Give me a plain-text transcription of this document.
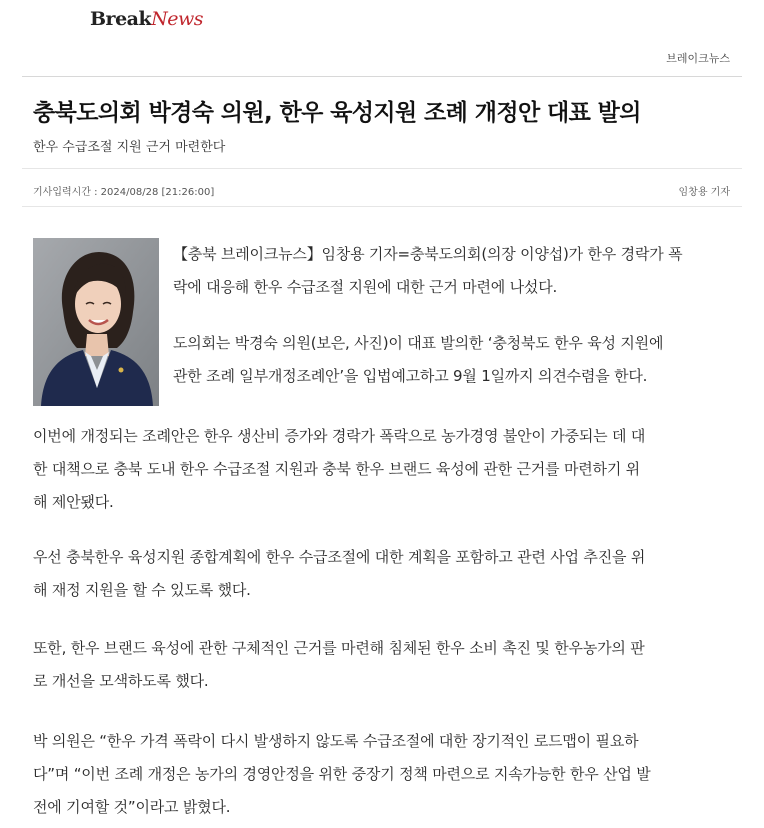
BreakNews
브레이크뉴스
충북도의회 박경숙 의원, 한우 육성지원 조례 개정안 대표 발의
한우 수급조절 지원 근거 마련한다
기사입력시간 : 2024/08/28 [21:26:00]	임창용 기자
【충북 브레이크뉴스】임창용 기자=충북도의회(의장 이양섭)가 한우 경락가 폭
락에 대응해 한우 수급조절 지원에 대한 근거 마련에 나섰다.
도의회는 박경숙 의원(보은, 사진)이 대표 발의한 ‘충청북도 한우 육성 지원에
관한 조례 일부개정조례안’을 입법예고하고 9월 1일까지 의견수렴을 한다.
이번에 개정되는 조례안은 한우 생산비 증가와 경락가 폭락으로 농가경영 불안이 가중되는 데 대
한 대책으로 충북 도내 한우 수급조절 지원과 충북 한우 브랜드 육성에 관한 근거를 마련하기 위
해 제안됐다.
우선 충북한우 육성지원 종합계획에 한우 수급조절에 대한 계획을 포함하고 관련 사업 추진을 위
해 재정 지원을 할 수 있도록 했다.
또한, 한우 브랜드 육성에 관한 구체적인 근거를 마련해 침체된 한우 소비 촉진 및 한우농가의 판
로 개선을 모색하도록 했다.
박 의원은 “한우 가격 폭락이 다시 발생하지 않도록 수급조절에 대한 장기적인 로드맵이 필요하
다”며 “이번 조례 개정은 농가의 경영안정을 위한 중장기 정책 마련으로 지속가능한 한우 산업 발
전에 기여할 것”이라고 밝혔다.
